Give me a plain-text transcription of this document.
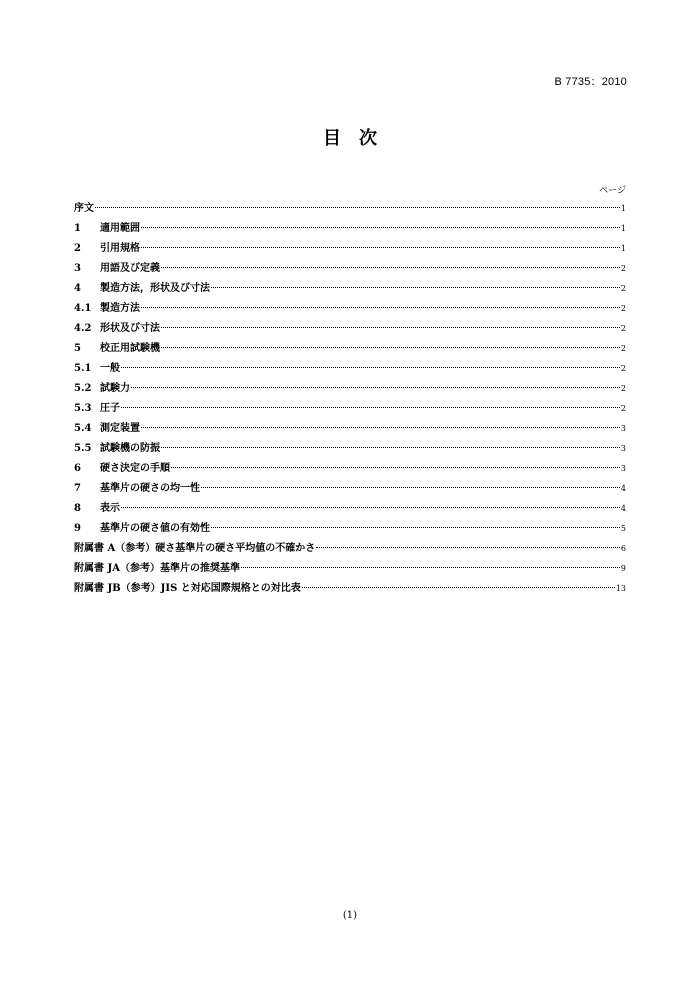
B 7735：2010
目　次
ページ
序文	1
1	適用範囲	1
2	引用規格	1
3	用語及び定義	2
4	製造方法，形状及び寸法	2
4.1 製造方法	2
4.2 形状及び寸法	2
5	校正用試験機	2
5.1 一般	2
5.2 試験力	2
5.3 圧子	2
5.4 測定装置	3
5.5 試験機の防振	3
6	硬さ決定の手順	3
7	基準片の硬さの均一性	4
8	表示	4
9	基準片の硬さ値の有効性	5
附属書 A（参考）硬さ基準片の硬さ平均値の不確かさ	6
附属書 JA（参考）基準片の推奨基準	9
附属書 JB（参考）JIS と対応国際規格との対比表	13
(1)
